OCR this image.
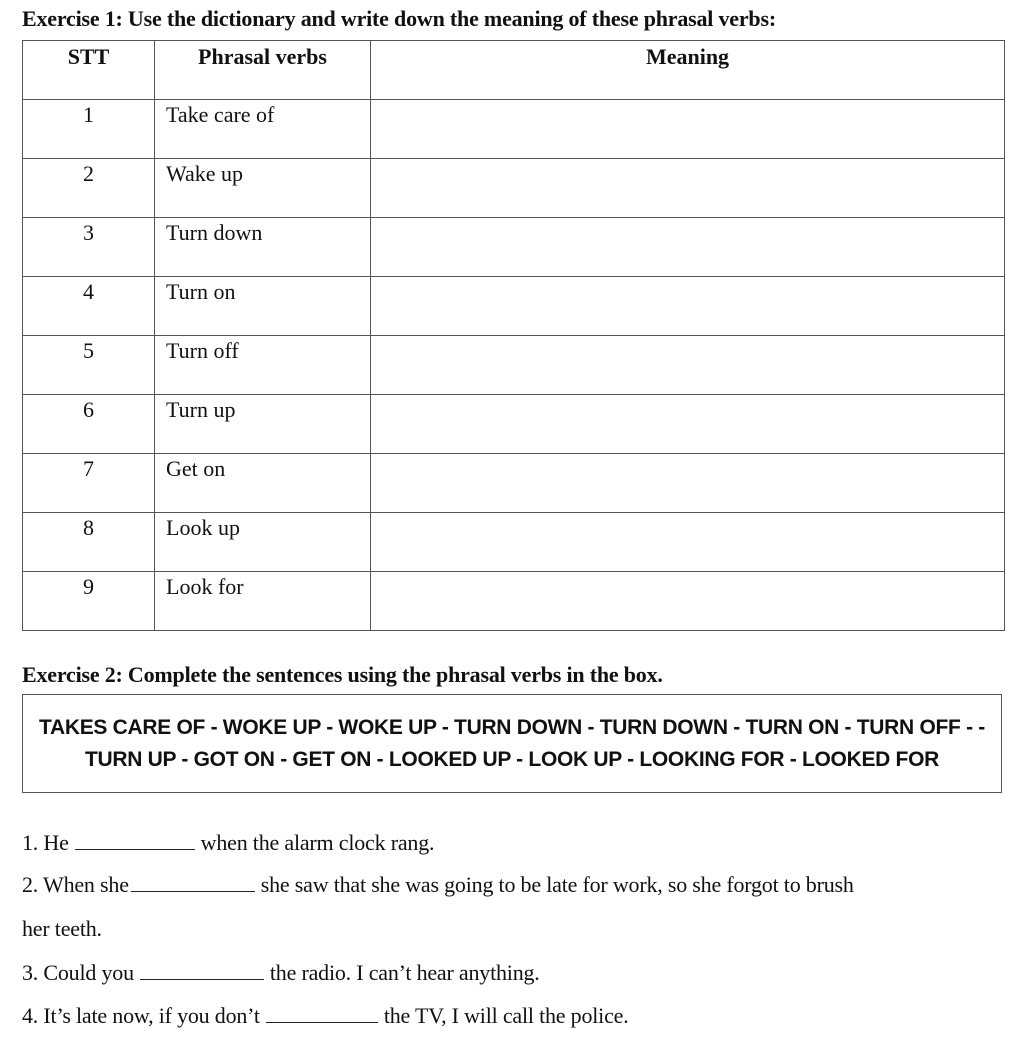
Exercise 1: Use the dictionary and write down the meaning of these phrasal verbs:
STT	Phrasal verbs	Meaning
1	Take care of	
2	Wake up	
3	Turn down	
4	Turn on	
5	Turn off	
6	Turn up	
7	Get on	
8	Look up	
9	Look for	
Exercise 2: Complete the sentences using the phrasal verbs in the box.
TAKES CARE OF - WOKE UP - WOKE UP - TURN DOWN - TURN DOWN - TURN ON - TURN OFF - - TURN UP - GOT ON - GET ON - LOOKED UP - LOOK UP - LOOKING FOR - LOOKED FOR
1. He	when the alarm clock rang.
2. When she	she saw that she was going to be late for work, so she forgot to brush
her teeth.
3. Could you	the radio. I can’t hear anything.
4. It’s late now, if you don’t	the TV, I will call the police.
